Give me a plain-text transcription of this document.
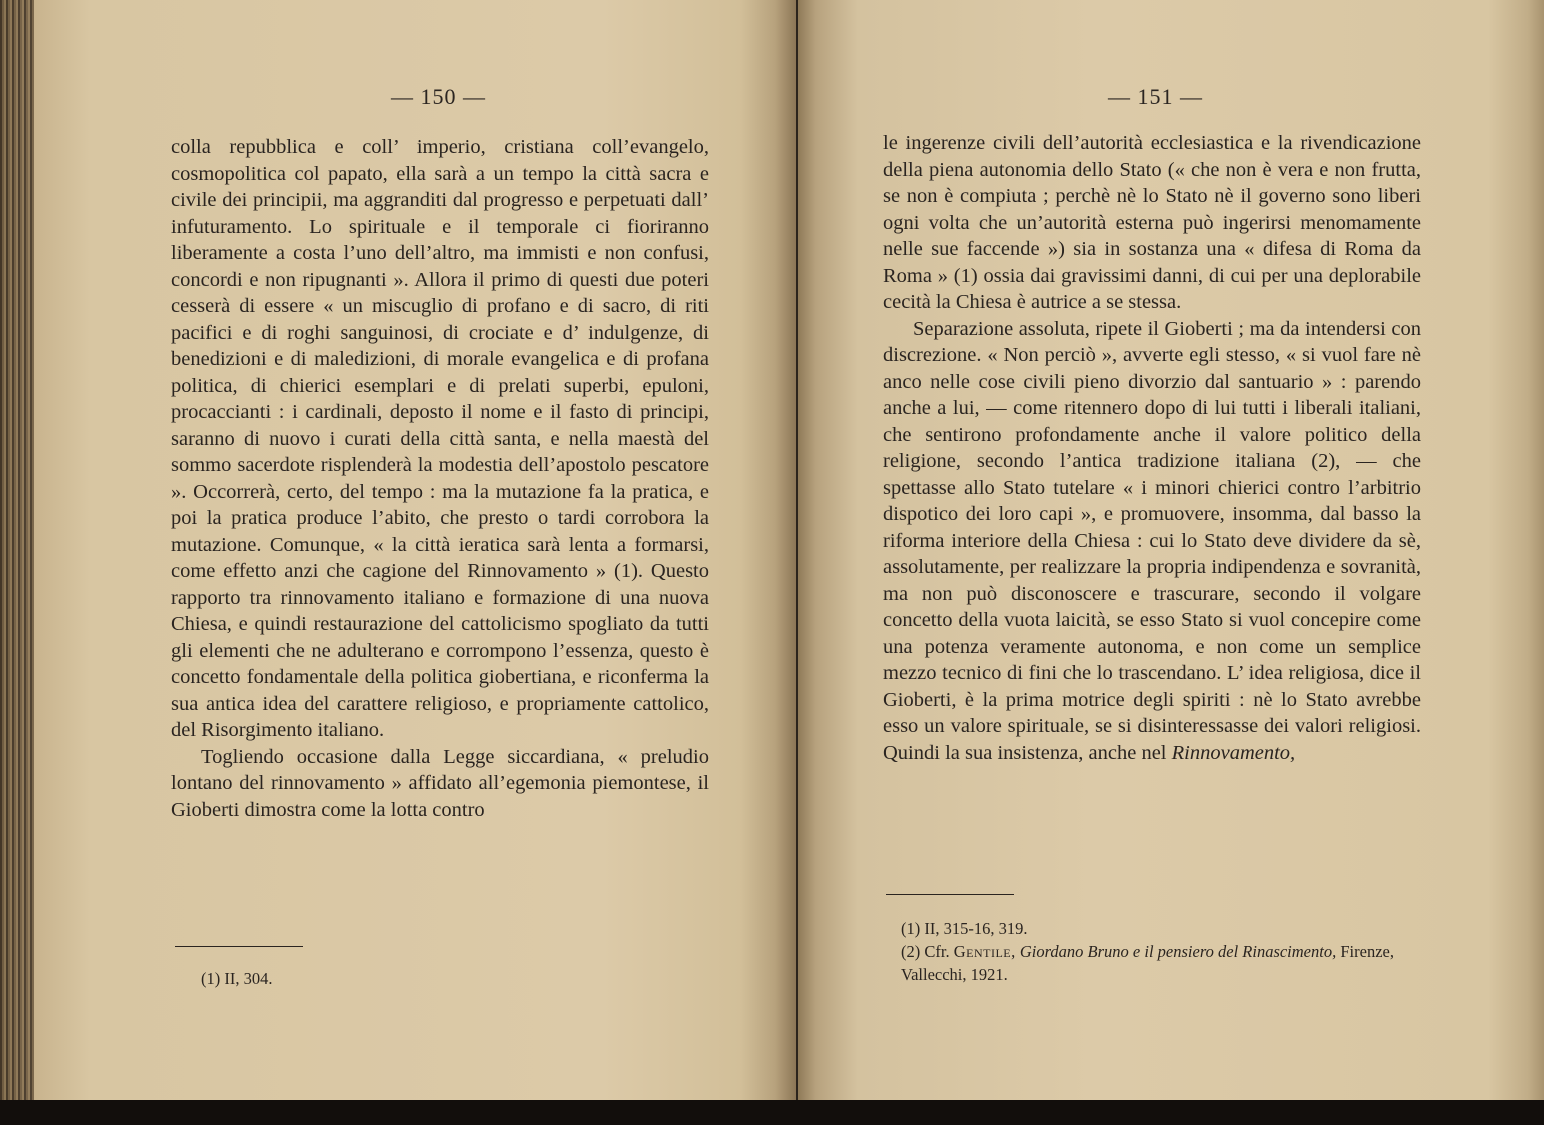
— 150 —

colla repubblica e coll’ imperio, cristiana coll’evangelo, cosmopolitica col papato, ella sarà a un tempo la città sacra e civile dei principii, ma aggranditi dal progresso e perpetuati dall’ infuturamento. Lo spirituale e il temporale ci fioriranno liberamente a costa l’uno dell’altro, ma immisti e non confusi, concordi e non ripugnanti ». Allora il primo di questi due poteri cesserà di essere « un miscuglio di profano e di sacro, di riti pacifici e di roghi sanguinosi, di crociate e d’ indulgenze, di benedizioni e di maledizioni, di morale evangelica e di profana politica, di chierici esemplari e di prelati superbi, epuloni, procaccianti : i cardinali, deposto il nome e il fasto di principi, saranno di nuovo i curati della città santa, e nella maestà del sommo sacerdote risplenderà la modestia dell’apostolo pescatore ». Occorrerà, certo, del tempo : ma la mutazione fa la pratica, e poi la pratica produce l’abito, che presto o tardi corrobora la mutazione. Comunque, « la città ieratica sarà lenta a formarsi, come effetto anzi che cagione del Rinnovamento » (1). Questo rapporto tra rinnovamento italiano e formazione di una nuova Chiesa, e quindi restaurazione del cattolicismo spogliato da tutti gli elementi che ne adulterano e corrompono l’essenza, questo è concetto fondamentale della politica giobertiana, e riconferma la sua antica idea del carattere religioso, e propriamente cattolico, del Risorgimento italiano.

Togliendo occasione dalla Legge siccardiana, « preludio lontano del rinnovamento » affidato all’egemonia piemontese, il Gioberti dimostra come la lotta contro

(1) II, 304.

— 151 —

le ingerenze civili dell’autorità ecclesiastica e la rivendicazione della piena autonomia dello Stato (« che non è vera e non frutta, se non è compiuta ; perchè nè lo Stato nè il governo sono liberi ogni volta che un’autorità esterna può ingerirsi menomamente nelle sue faccende ») sia in sostanza una « difesa di Roma da Roma » (1) ossia dai gravissimi danni, di cui per una deplorabile cecità la Chiesa è autrice a se stessa.

Separazione assoluta, ripete il Gioberti ; ma da intendersi con discrezione. « Non perciò », avverte egli stesso, « si vuol fare nè anco nelle cose civili pieno divorzio dal santuario » : parendo anche a lui, — come ritennero dopo di lui tutti i liberali italiani, che sentirono profondamente anche il valore politico della religione, secondo l’antica tradizione italiana (2), — che spettasse allo Stato tutelare « i minori chierici contro l’arbitrio dispotico dei loro capi », e promuovere, insomma, dal basso la riforma interiore della Chiesa : cui lo Stato deve dividere da sè, assolutamente, per realizzare la propria indipendenza e sovranità, ma non può disconoscere e trascurare, secondo il volgare concetto della vuota laicità, se esso Stato si vuol concepire come una potenza veramente autonoma, e non come un semplice mezzo tecnico di fini che lo trascendano. L’ idea religiosa, dice il Gioberti, è la prima motrice degli spiriti : nè lo Stato avrebbe esso un valore spirituale, se si disinteressasse dei valori religiosi. Quindi la sua insistenza, anche nel Rinnovamento,

(1) II, 315-16, 319.

(2) Cfr. Gentile, Giordano Bruno e il pensiero del Rinascimento, Firenze, Vallecchi, 1921.
